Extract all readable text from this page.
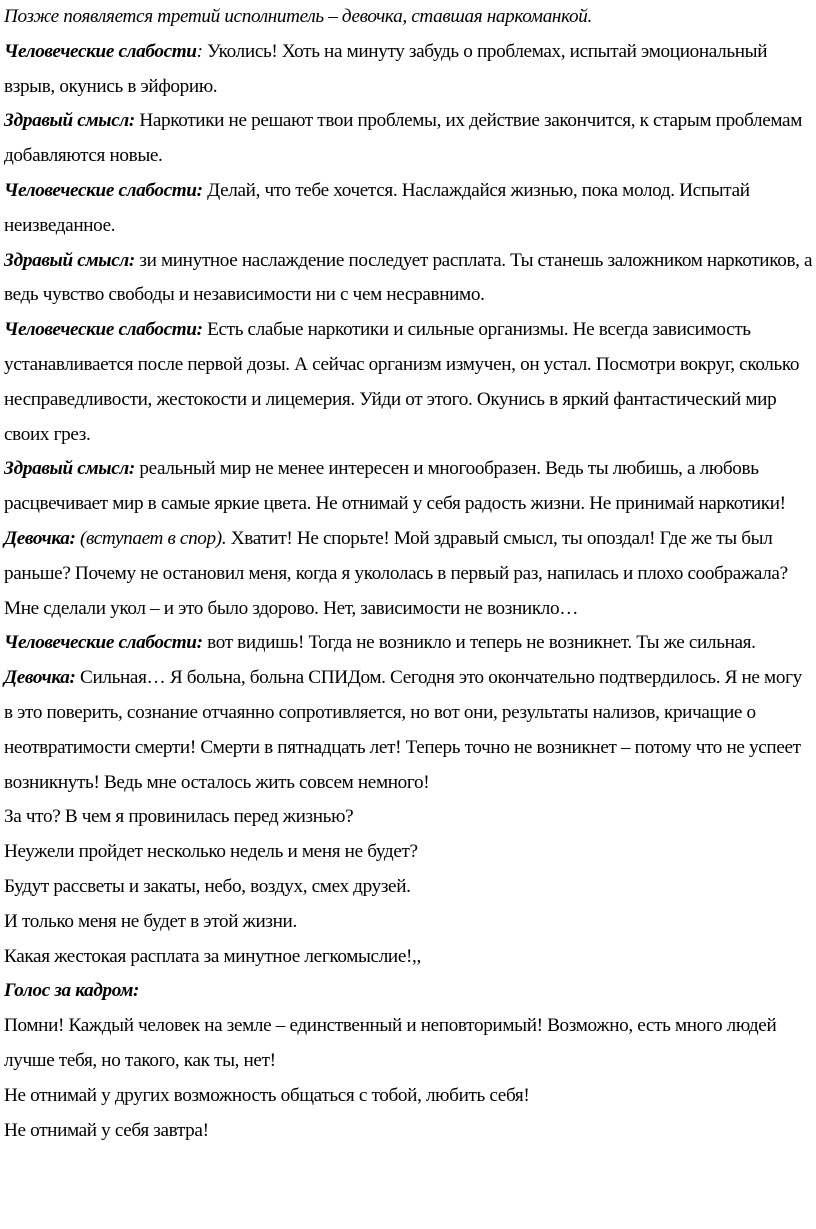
Позже появляется третий исполнитель – девочка, ставшая наркоманкой.

Человеческие слабости: Уколись! Хоть на минуту забудь о проблемах, испытай эмоциональный взрыв, окунись в эйфорию.

Здравый смысл: Наркотики не решают твои проблемы, их действие закончится, к старым проблемам добавляются новые.

Человеческие слабости: Делай, что тебе хочется. Наслаждайся жизнью, пока молод. Испытай неизведанное.

Здравый смысл: зи минутное наслаждение последует расплата. Ты станешь заложником наркотиков, а ведь чувство свободы и независимости ни с чем несравнимо.

Человеческие слабости: Есть слабые наркотики и сильные организмы. Не всегда зависимость устанавливается после первой дозы. А сейчас организм измучен, он устал. Посмотри вокруг, сколько несправедливости, жестокости и лицемерия. Уйди от этого. Окунись в яркий фантастический мир своих грез.

Здравый смысл: реальный мир не менее интересен и многообразен. Ведь ты любишь, а любовь расцвечивает мир в самые яркие цвета. Не отнимай у себя радость жизни. Не принимай наркотики!

Девочка: (вступает в спор). Хватит! Не спорьте! Мой здравый смысл, ты опоздал! Где же ты был раньше? Почему не остановил меня, когда я укололась в первый раз, напилась и плохо соображала? Мне сделали укол – и это было здорово. Нет, зависимости не возникло…

Человеческие слабости: вот видишь! Тогда не возникло и теперь не возникнет. Ты же сильная.

Девочка: Сильная… Я больна, больна СПИДом. Сегодня это окончательно подтвердилось. Я не могу в это поверить, сознание отчаянно сопротивляется, но вот они, результаты нализов, кричащие о неотвратимости смерти! Смерти в пятнадцать лет! Теперь точно не возникнет – потому что не успеет возникнуть! Ведь мне осталось жить совсем немного!

За что? В чем я провинилась перед жизнью?

Неужели пройдет несколько недель и меня не будет?

Будут рассветы и закаты, небо, воздух, смех друзей.

И только меня не будет в этой жизни.

Какая жестокая расплата за минутное легкомыслие!,,

Голос за кадром:

Помни! Каждый человек на земле – единственный и неповторимый! Возможно, есть много людей лучше тебя, но такого, как ты, нет!

Не отнимай у других возможность общаться с тобой, любить себя!

Не отнимай у себя завтра!
